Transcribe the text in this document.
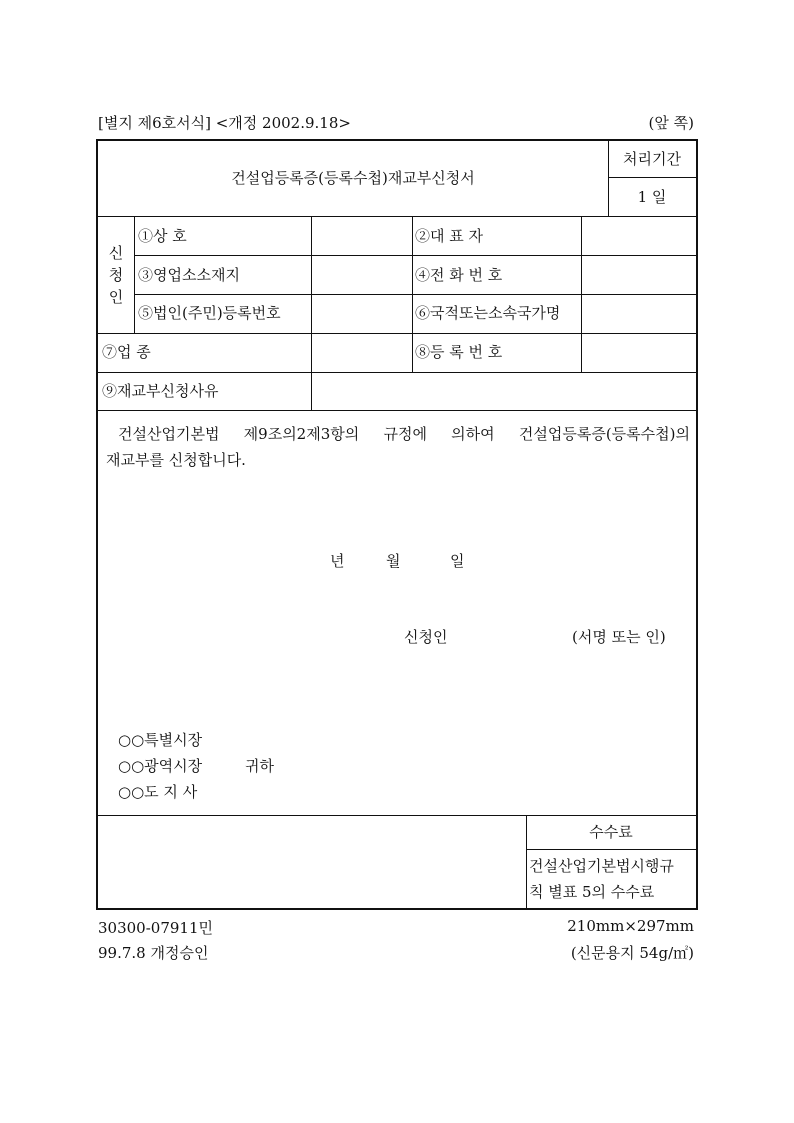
[별지 제6호서식] <개정 2002.9.18>	(앞 쪽)
건설업등록증(등록수첩)재교부신청서
처리기간
1 일
신
청
인
①상 호	②대 표 자
③영업소소재지	④전 화 번 호
⑤법인(주민)등록번호	⑥국적또는소속국가명
⑦업 종	⑧등 록 번 호
⑨재교부신청사유
건설산업기본법 제9조의2제3항의 규정에 의하여 건설업등록증(등록수첩)의
재교부를 신청합니다.
년	월	일
신청인	(서명 또는 인)
○○특별시장
○○광역시장	귀하
○○도 지 사
수수료
건설산업기본법시행규
칙 별표 5의 수수료
30300-07911민
99.7.8 개정승인
210mm×297mm
(신문용지 54g/㎡)
